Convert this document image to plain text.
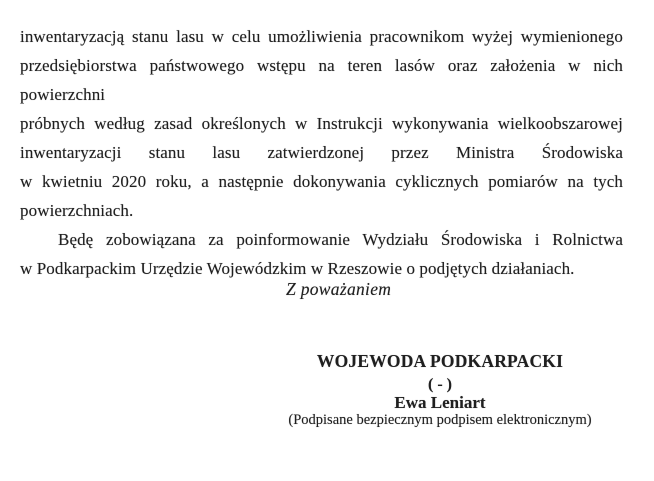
inwentaryzacją stanu lasu w celu umożliwienia pracownikom wyżej wymienionego
przedsiębiorstwa państwowego wstępu na teren lasów oraz założenia w nich powierzchni
próbnych według zasad określonych w Instrukcji wykonywania wielkoobszarowej
inwentaryzacji stanu lasu zatwierdzonej przez Ministra Środowiska
w kwietniu 2020 roku, a następnie dokonywania cyklicznych pomiarów na tych
powierzchniach.
Będę zobowiązana za poinformowanie Wydziału Środowiska i Rolnictwa
w Podkarpackim Urzędzie Wojewódzkim w Rzeszowie o podjętych działaniach.
Z poważaniem
WOJEWODA PODKARPACKI
( - )
Ewa Leniart
(Podpisane bezpiecznym podpisem elektronicznym)
